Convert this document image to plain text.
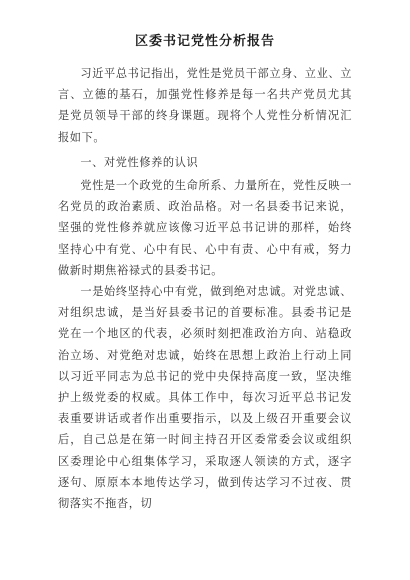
区委书记党性分析报告

习近平总书记指出，党性是党员干部立身、立业、立言、立德的基石，加强党性修养是每一名共产党员尤其是党员领导干部的终身课题。现将个人党性分析情况汇报如下。

一、对党性修养的认识

党性是一个政党的生命所系、力量所在，党性反映一名党员的政治素质、政治品格。对一名县委书记来说，坚强的党性修养就应该像习近平总书记讲的那样，始终坚持心中有党、心中有民、心中有责、心中有戒，努力做新时期焦裕禄式的县委书记。

一是始终坚持心中有党，做到绝对忠诚。对党忠诚、对组织忠诚，是当好县委书记的首要标准。县委书记是党在一个地区的代表，必须时刻把准政治方向、站稳政治立场、对党绝对忠诚，始终在思想上政治上行动上同以习近平同志为总书记的党中央保持高度一致，坚决维护上级党委的权威。具体工作中，每次习近平总书记发表重要讲话或者作出重要指示，以及上级召开重要会议后，自己总是在第一时间主持召开区委常委会议或组织区委理论中心组集体学习，采取逐人领读的方式，逐字逐句、原原本本地传达学习，做到传达学习不过夜、贯彻落实不拖沓，切
